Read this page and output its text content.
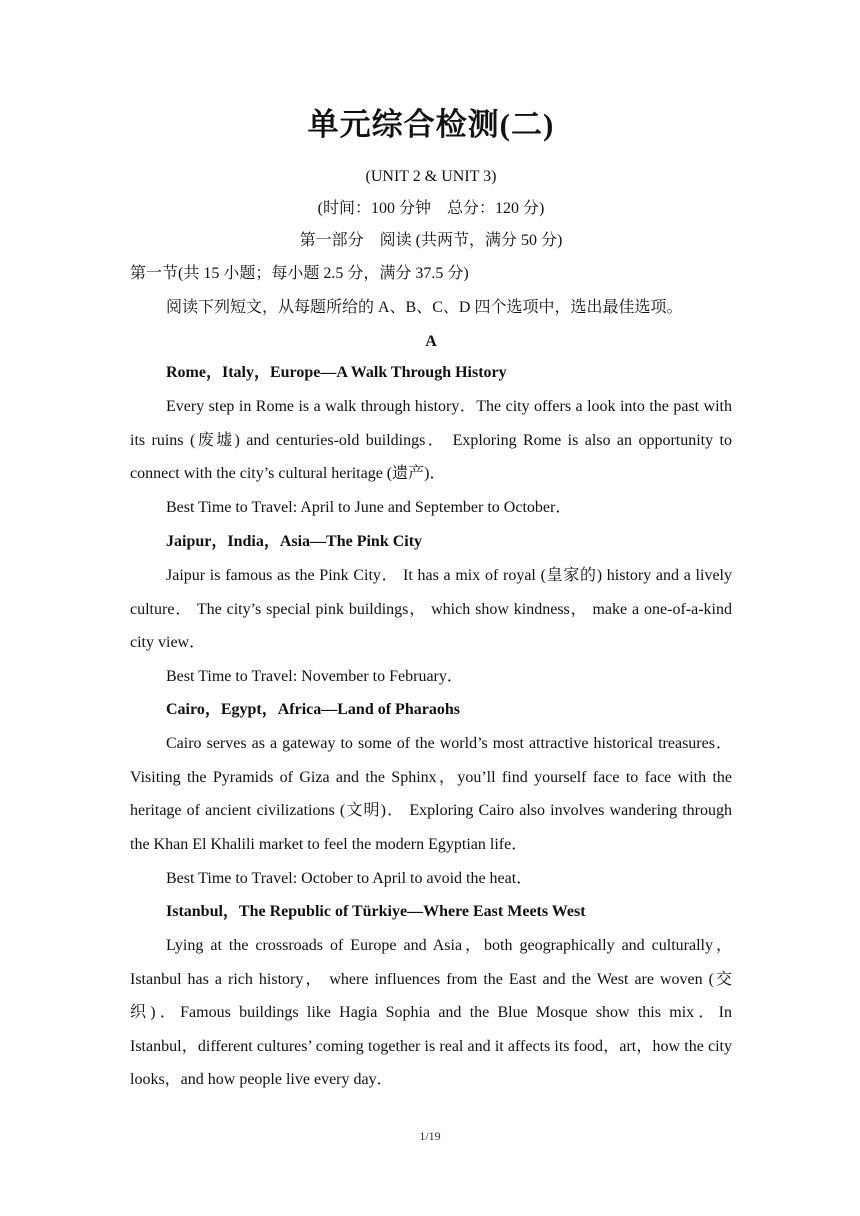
单元综合检测(二)
(UNIT 2 & UNIT 3)
(时间：100 分钟　总分：120 分)
第一部分　阅读 (共两节，满分 50 分)
第一节(共 15 小题；每小题 2.5 分，满分 37.5 分)
阅读下列短文，从每题所给的 A、B、C、D 四个选项中，选出最佳选项。
A
Rome，Italy，Europe—A Walk Through History
Every step in Rome is a walk through history．The city offers a look into the past with its ruins (废墟) and centuries-old buildings． Exploring Rome is also an opportunity to connect with the city’s cultural heritage (遗产)．
Best Time to Travel: April to June and September to October．
Jaipur，India，Asia—The Pink City
Jaipur is famous as the Pink City． It has a mix of royal (皇家的) history and a lively culture． The city’s special pink buildings， which show kindness， make a one-of-a-kind city view．
Best Time to Travel: November to February．
Cairo，Egypt，Africa—Land of Pharaohs
Cairo serves as a gateway to some of the world’s most attractive historical treasures．Visiting the Pyramids of Giza and the Sphinx，you’ll find yourself face to face with the heritage of ancient civilizations (文明)． Exploring Cairo also involves wandering through the Khan El Khalili market to feel the modern Egyptian life．
Best Time to Travel: October to April to avoid the heat．
Istanbul，The Republic of Türkiye—Where East Meets West
Lying at the crossroads of Europe and Asia，both geographically and culturally，Istanbul has a rich history， where influences from the East and the West are woven (交织)．Famous buildings like Hagia Sophia and the Blue Mosque show this mix．In Istanbul，different cultures’ coming together is real and it affects its food，art，how the city looks，and how people live every day．
1/19
